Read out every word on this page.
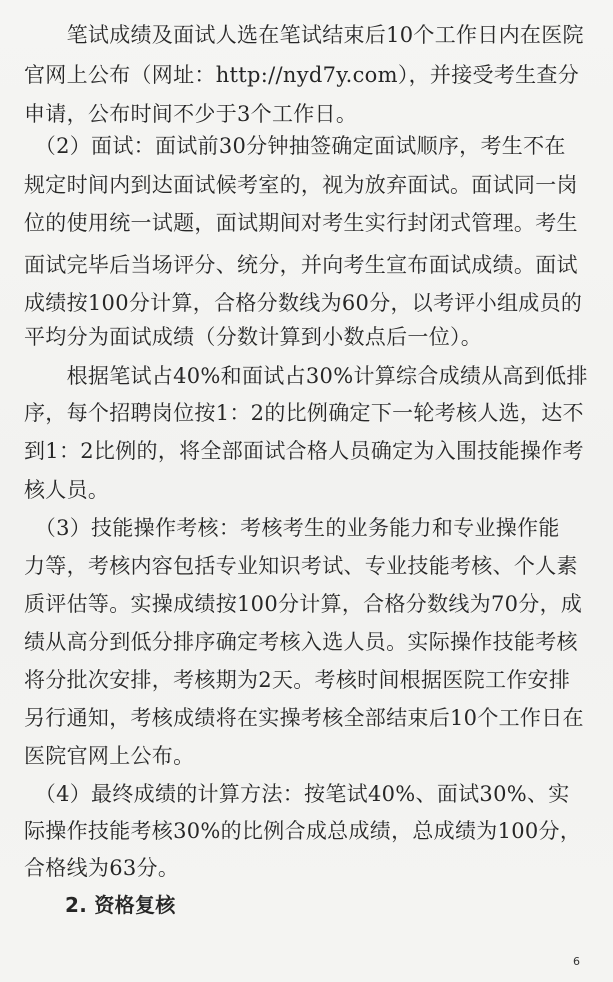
　　笔试成绩及面试人选在笔试结束后10个工作日内在医院
官网上公布（网址：http://nyd7y.com），并接受考生查分
申请，公布时间不少于3个工作日。
　（2）面试：面试前30分钟抽签确定面试顺序，考生不在
规定时间内到达面试候考室的，视为放弃面试。面试同一岗
位的使用统一试题，面试期间对考生实行封闭式管理。考生
面试完毕后当场评分、统分，并向考生宣布面试成绩。面试
成绩按100分计算，合格分数线为60分，以考评小组成员的
平均分为面试成绩（分数计算到小数点后一位）。
　　根据笔试占40%和面试占30%计算综合成绩从高到低排
序，每个招聘岗位按1：2的比例确定下一轮考核人选，达不
到1：2比例的，将全部面试合格人员确定为入围技能操作考
核人员。
　（3）技能操作考核：考核考生的业务能力和专业操作能
力等，考核内容包括专业知识考试、专业技能考核、个人素
质评估等。实操成绩按100分计算，合格分数线为70分，成
绩从高分到低分排序确定考核入选人员。实际操作技能考核
将分批次安排，考核期为2天。考核时间根据医院工作安排
另行通知，考核成绩将在实操考核全部结束后10个工作日在
医院官网上公布。
　（4）最终成绩的计算方法：按笔试40%、面试30%、实
际操作技能考核30%的比例合成总成绩，总成绩为100分，
合格线为63分。
2. 资格复核
6
